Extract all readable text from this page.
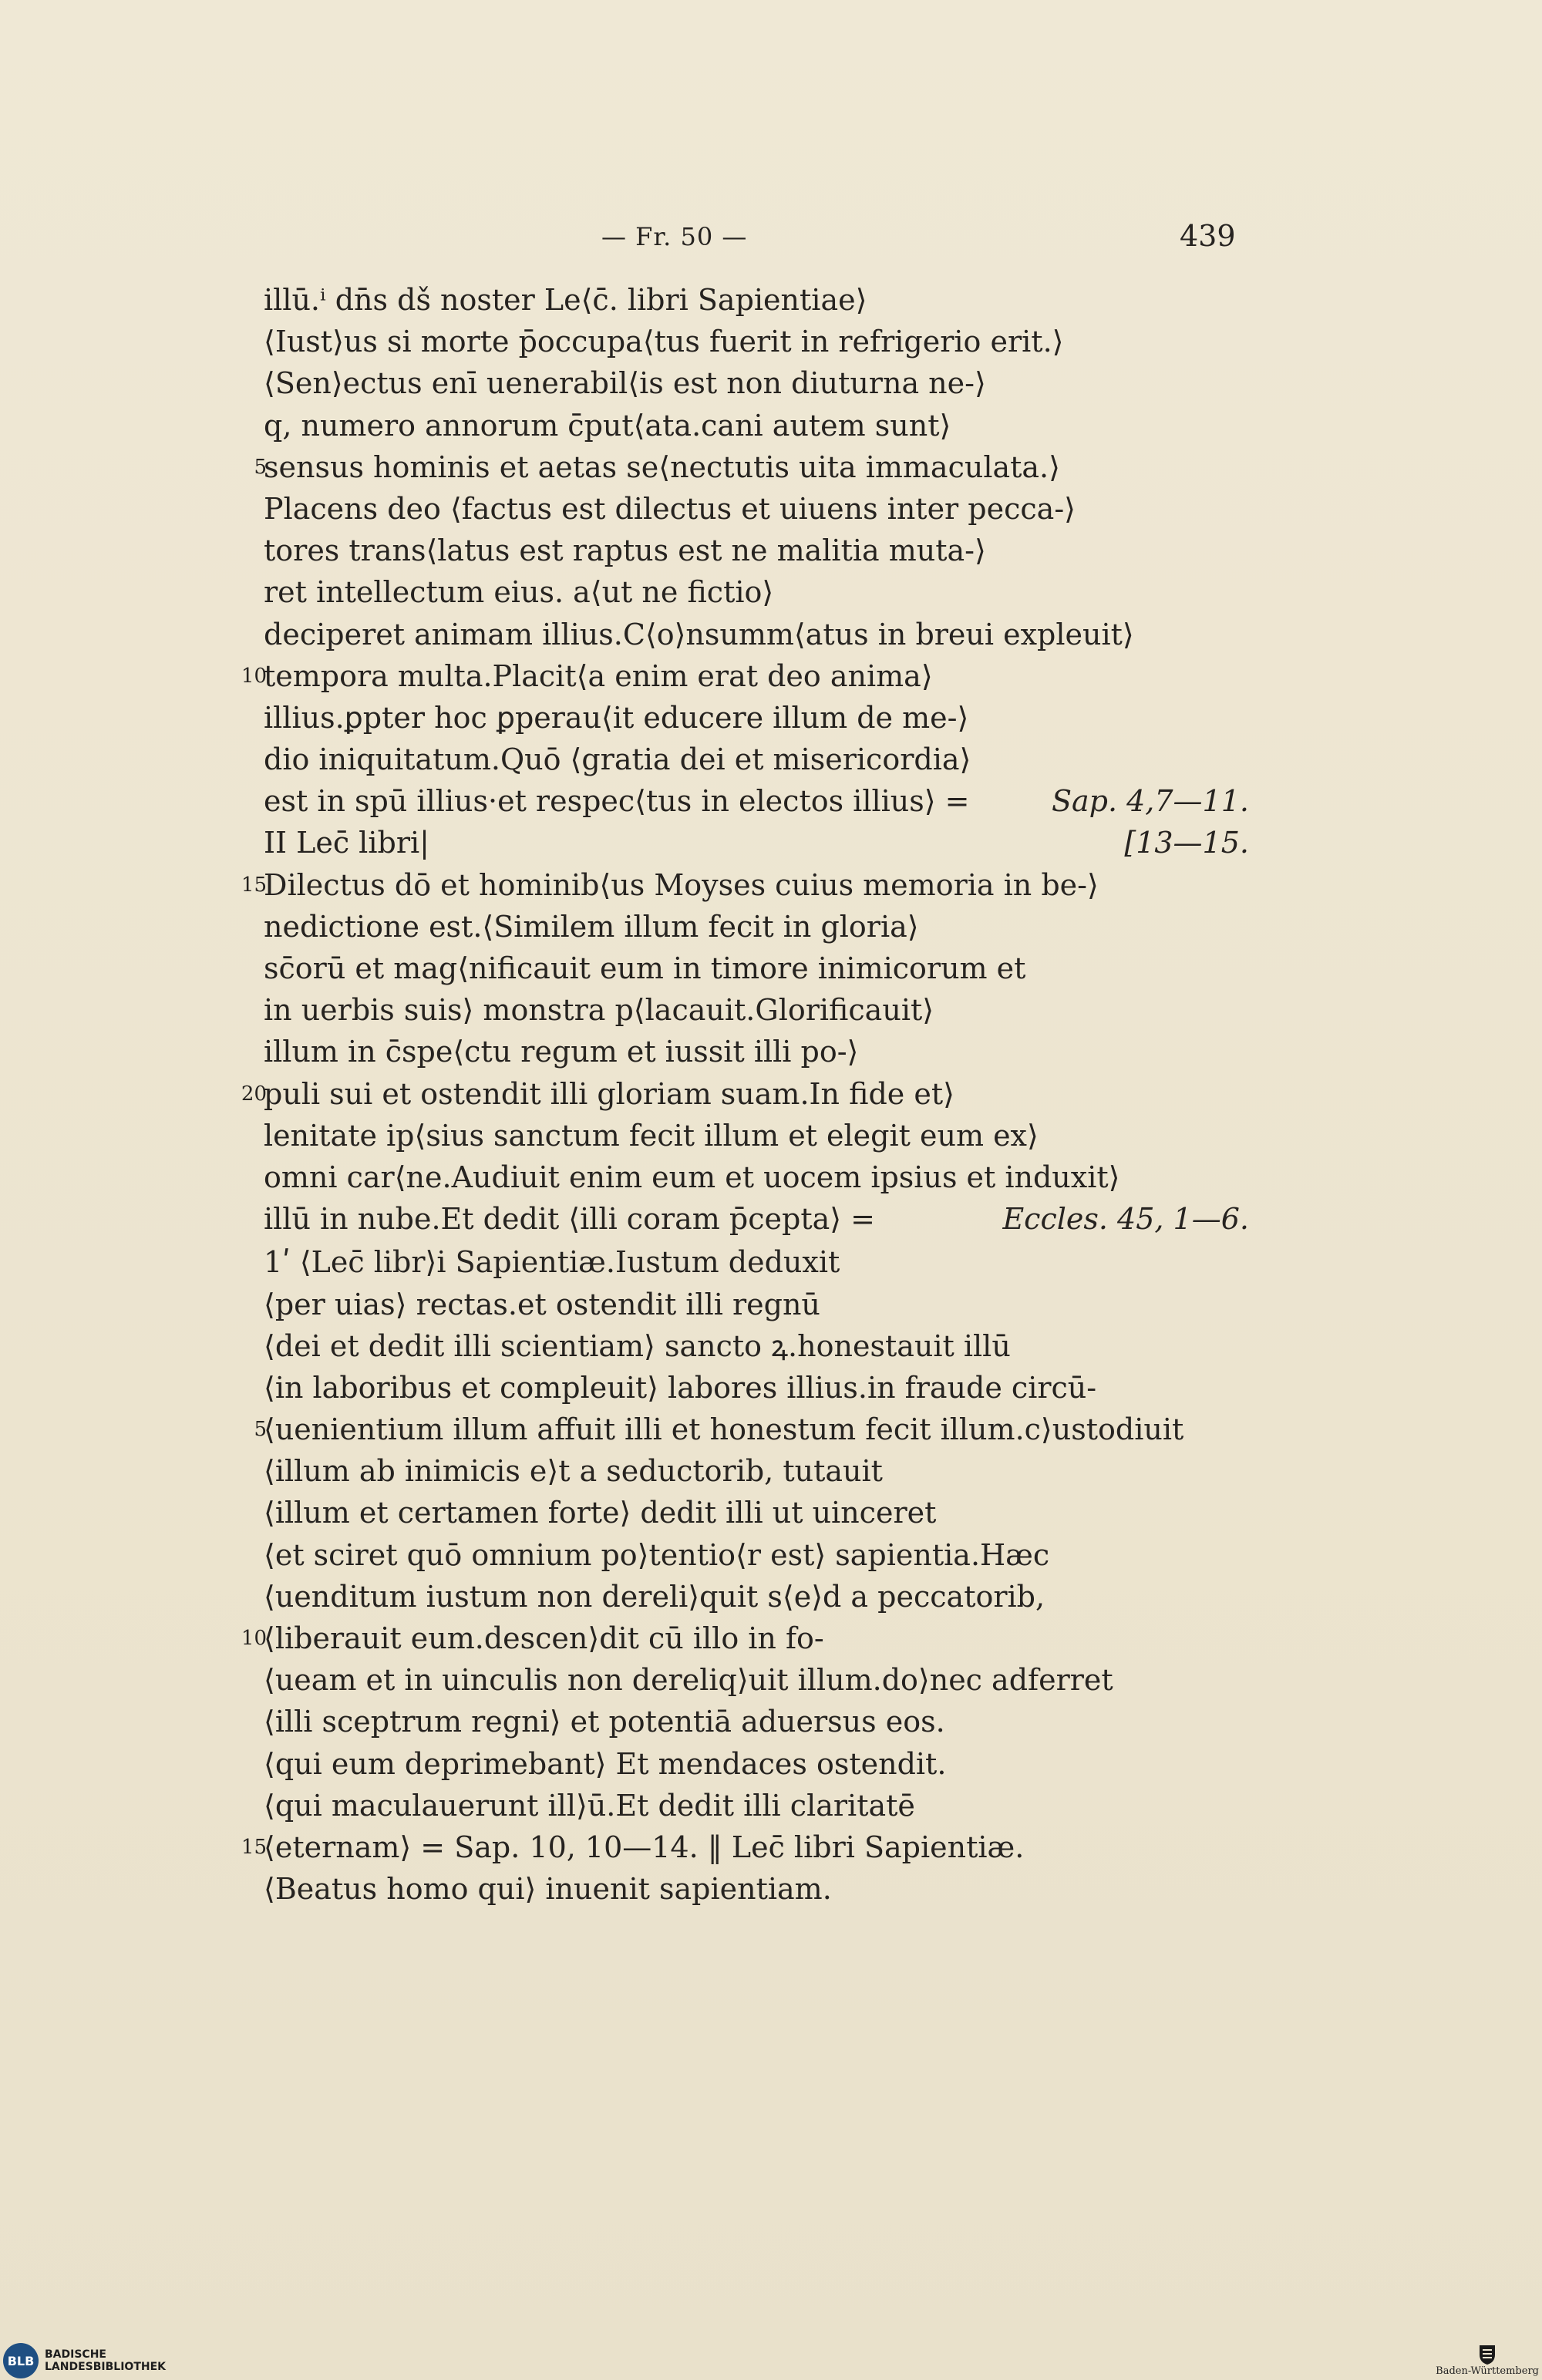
— Fr. 50 —	439
illū.ⁱ dn̄s dš noster Le⟨c̄. libri Sapientiae⟩
⟨Iust⟩us si morte p̄occupa⟨tus fuerit in refrigerio erit.⟩
⟨Sen⟩ectus enī uenerabil⟨is est non diuturna ne-⟩
q, numero annorum c̄put⟨ata.cani autem sunt⟩
5
sensus hominis et aetas se⟨nectutis uita immaculata.⟩
Placens deo ⟨factus est dilectus et uiuens inter pecca-⟩
tores trans⟨latus est raptus est ne malitia muta-⟩
ret intellectum eius. a⟨ut ne fictio⟩
deciperet animam illius.C⟨o⟩nsumm⟨atus in breui expleuit⟩
10
tempora multa.Placit⟨a enim erat deo anima⟩
illius.ꝑpter hoc ꝑperau⟨it educere illum de me-⟩
dio iniquitatum.Quō ⟨gratia dei et misericordia⟩
est in spū illius·et respec⟨tus in electos illius⟩ =	Sap. 4,7—11.
II Lec̄ libri|	[13—15.
15
Dilectus dō et hominib⟨us Moyses cuius memoria in be-⟩
nedictione est.⟨Similem illum fecit in gloria⟩
sc̄orū et mag⟨nificauit eum in timore inimicorum et
in uerbis suis⟩ monstra p⟨lacauit.Glorificauit⟩
illum in c̄spe⟨ctu regum et iussit illi po-⟩
20
puli sui et ostendit illi gloriam suam.In fide et⟩
lenitate ip⟨sius sanctum fecit illum et elegit eum ex⟩
omni car⟨ne.Audiuit enim eum et uocem ipsius et induxit⟩
illū in nube.Et dedit ⟨illi coram p̄cepta⟩ =	Eccles. 45, 1—6.
1ʹ ⟨Lec̄ libr⟩i Sapientiæ.Iustum deduxit
⟨per uias⟩ rectas.et ostendit illi regnū
⟨dei et dedit illi scientiam⟩ sancto ꝝ.honestauit illū
⟨in laboribus et compleuit⟩ labores illius.in fraude circū-
5
⟨uenientium illum affuit illi et honestum fecit illum.c⟩ustodiuit
⟨illum ab inimicis e⟩t a seductorib, tutauit
⟨illum et certamen forte⟩ dedit illi ut uinceret
⟨et sciret quō omnium po⟩tentio⟨r est⟩ sapientia.Hæc
⟨uenditum iustum non dereli⟩quit s⟨e⟩d a peccatorib,
10
⟨liberauit eum.descen⟩dit cū illo in fo-
⟨ueam et in uinculis non dereliq⟩uit illum.do⟩nec adferret
⟨illi sceptrum regni⟩ et potentiā aduersus eos.
⟨qui eum deprimebant⟩ Et mendaces ostendit.
⟨qui maculauerunt ill⟩ū.Et dedit illi claritatē
15
⟨eternam⟩ = Sap. 10, 10—14. ‖ Lec̄ libri Sapientiæ.
⟨Beatus homo qui⟩ inuenit sapientiam.
BLB BADISCHE
LANDESBIBLIOTHEK	Baden-Württemberg
